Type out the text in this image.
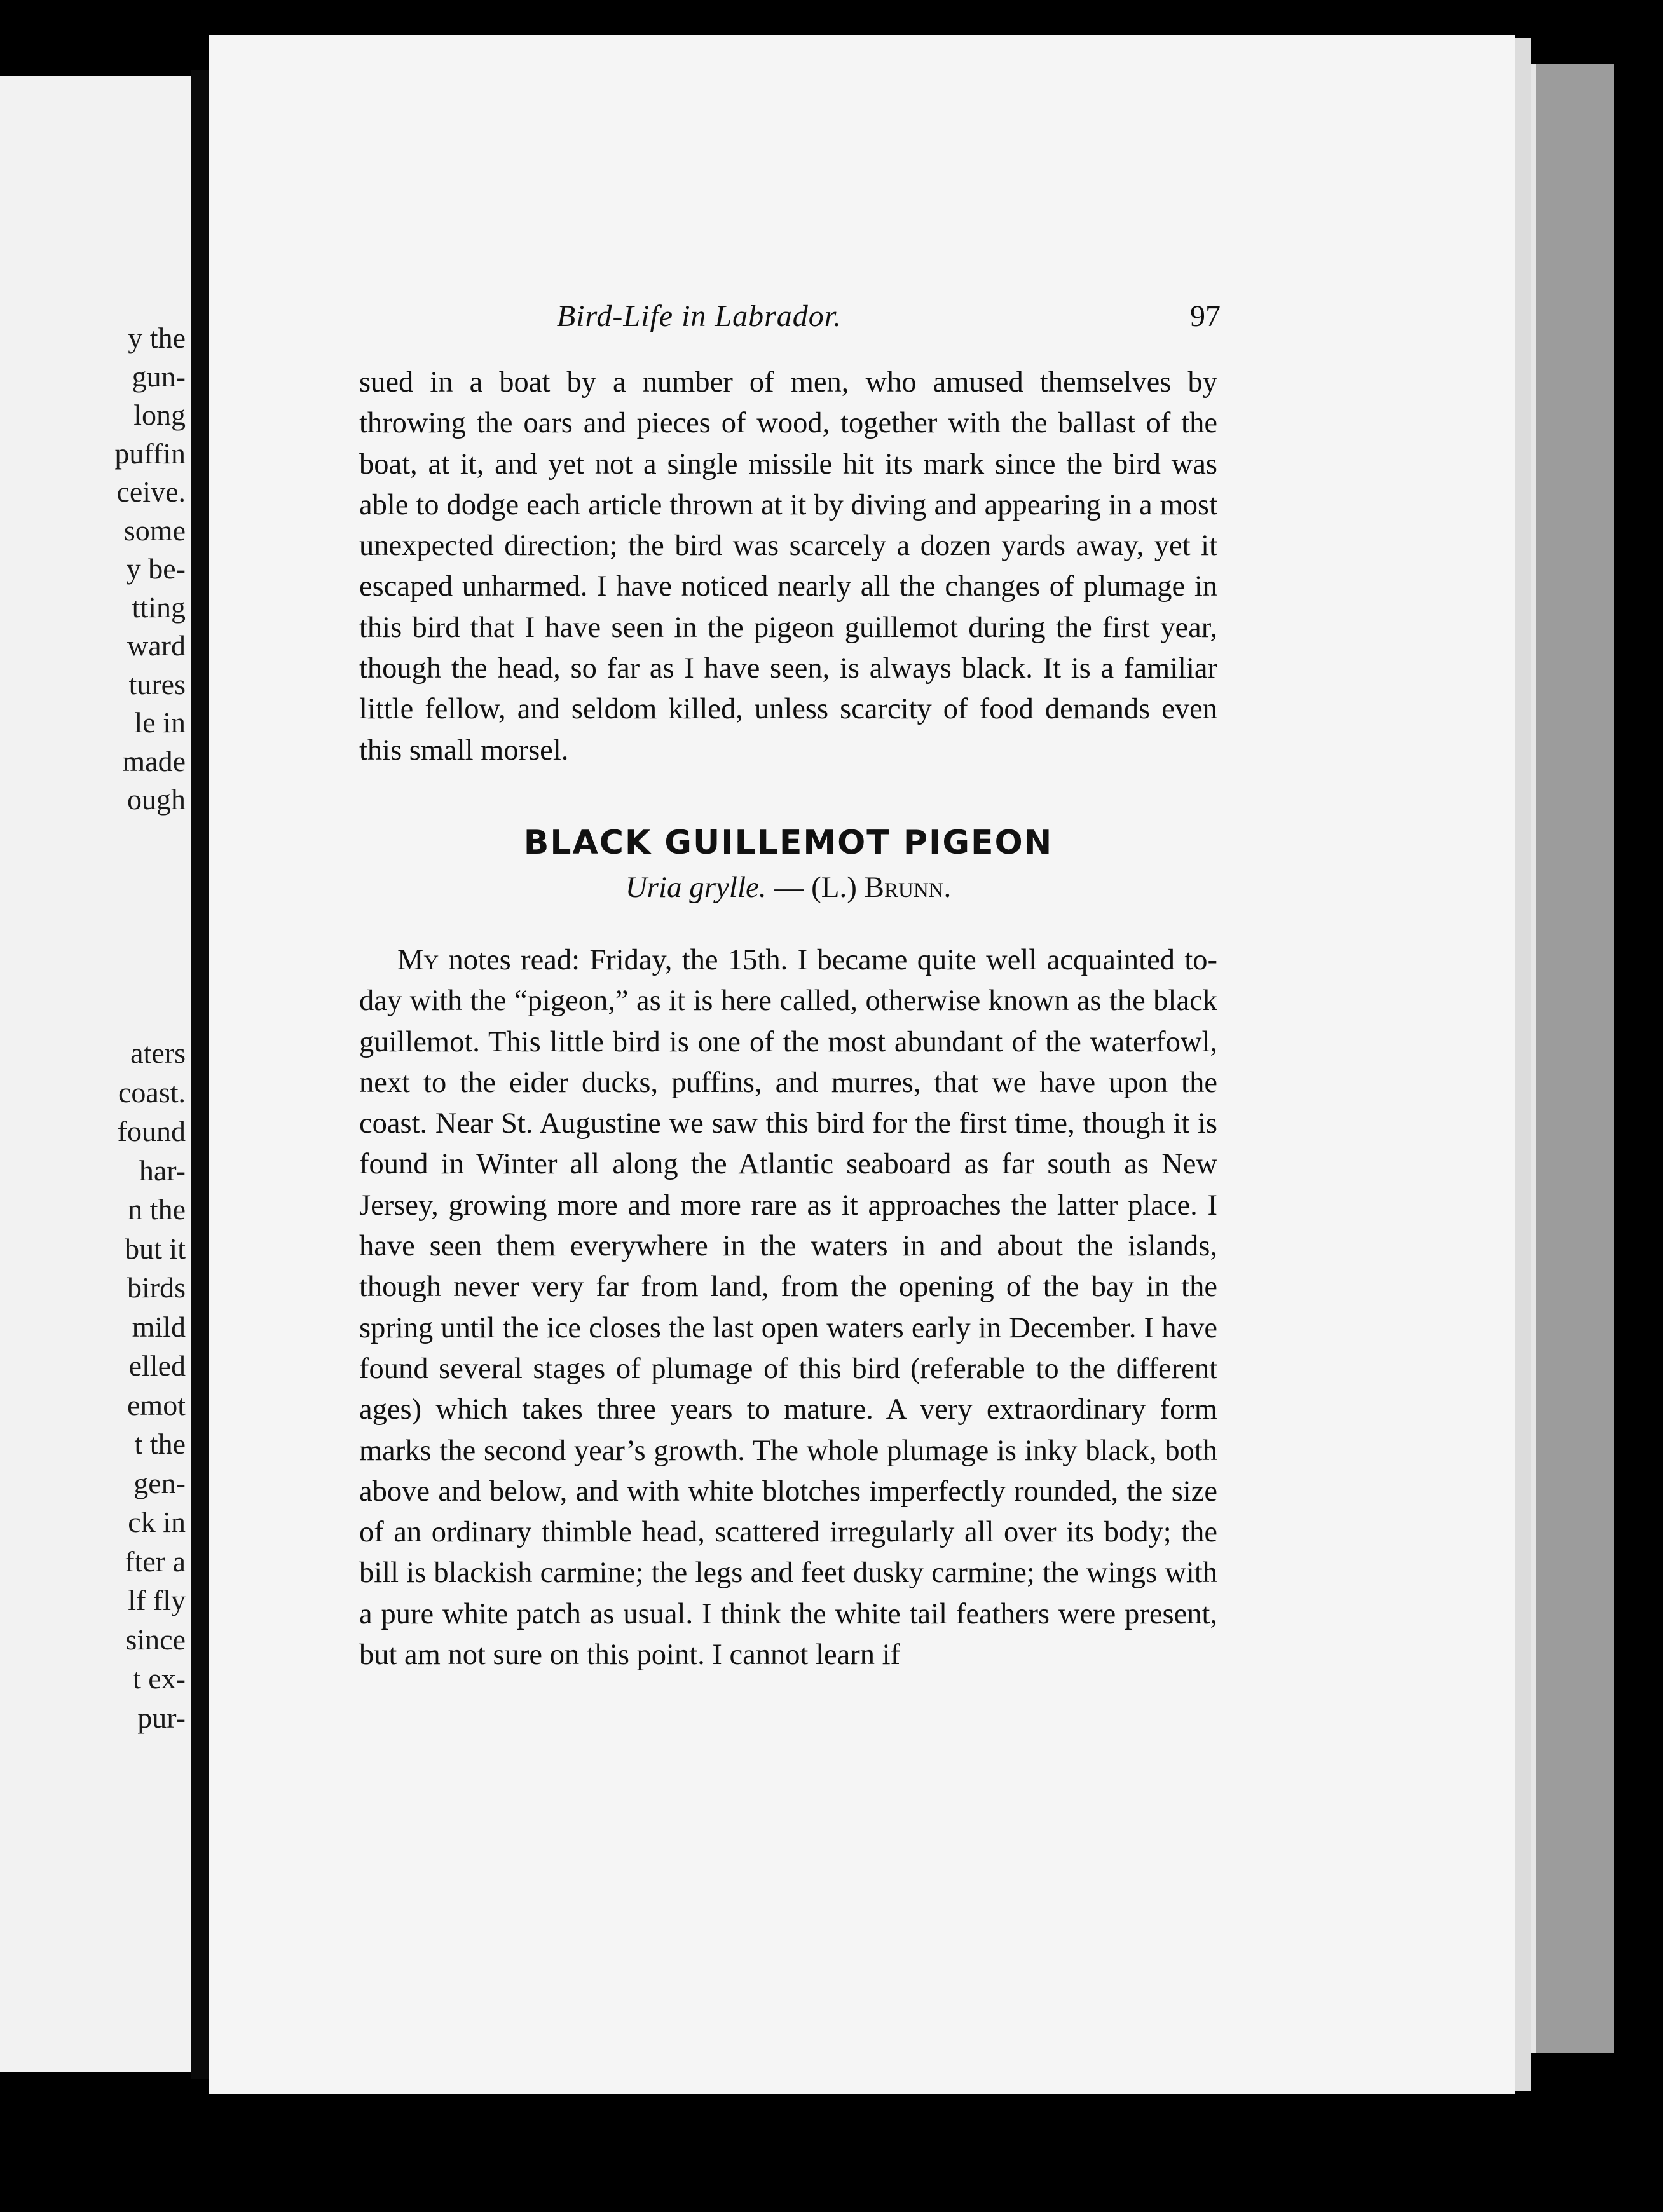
y the
gun-
long
puffin
ceive.
some
y be-
tting
ward
tures
le in
made
ough
aters
coast.
found
har-
n the
but it
birds
mild
elled
emot
t the
gen-
ck in
fter a
lf fly
since
t ex-
pur-
Bird-Life in Labrador.	97

sued in a boat by a number of men, who amused themselves by throwing the oars and pieces of wood, together with the ballast of the boat, at it, and yet not a single missile hit its mark since the bird was able to dodge each article thrown at it by diving and appearing in a most unexpected direction; the bird was scarcely a dozen yards away, yet it escaped unharmed. I have noticed nearly all the changes of plumage in this bird that I have seen in the pigeon guillemot during the first year, though the head, so far as I have seen, is always black. It is a familiar little fellow, and seldom killed, unless scarcity of food demands even this small morsel.

BLACK GUILLEMOT PIGEON
Uria grylle. — (L.) Brunn.

My notes read: Friday, the 15th. I became quite well acquainted to-day with the “pigeon,” as it is here called, otherwise known as the black guillemot. This little bird is one of the most abundant of the waterfowl, next to the eider ducks, puffins, and murres, that we have upon the coast. Near St. Augustine we saw this bird for the first time, though it is found in Winter all along the Atlantic seaboard as far south as New Jersey, growing more and more rare as it approaches the latter place. I have seen them everywhere in the waters in and about the islands, though never very far from land, from the opening of the bay in the spring until the ice closes the last open waters early in December. I have found several stages of plumage of this bird (referable to the different ages) which takes three years to mature. A very extraordinary form marks the second year’s growth. The whole plumage is inky black, both above and below, and with white blotches imperfectly rounded, the size of an ordinary thimble head, scattered irregularly all over its body; the bill is blackish carmine; the legs and feet dusky carmine; the wings with a pure white patch as usual. I think the white tail feathers were present, but am not sure on this point. I cannot learn if
